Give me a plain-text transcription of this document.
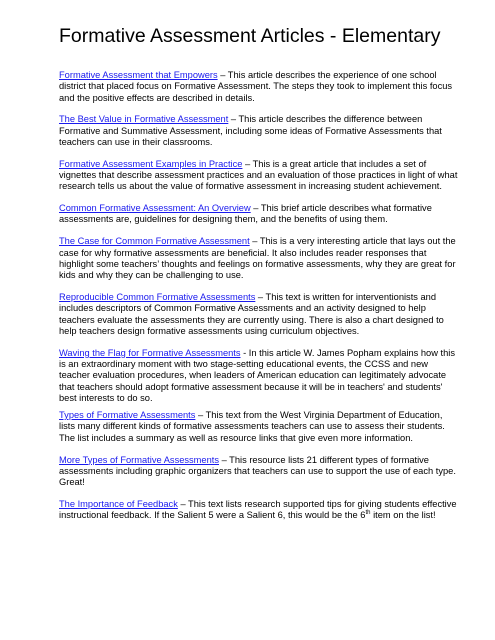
Formative Assessment Articles - Elementary

Formative Assessment that Empowers – This article describes the experience of one school district that placed focus on Formative Assessment. The steps they took to implement this focus and the positive effects are described in details.

The Best Value in Formative Assessment – This article describes the difference between Formative and Summative Assessment, including some ideas of Formative Assessments that teachers can use in their classrooms.

Formative Assessment Examples in Practice – This is a great article that includes a set of vignettes that describe assessment practices and an evaluation of those practices in light of what research tells us about the value of formative assessment in increasing student achievement.

Common Formative Assessment: An Overview – This brief article describes what formative assessments are, guidelines for designing them, and the benefits of using them.

The Case for Common Formative Assessment – This is a very interesting article that lays out the case for why formative assessments are beneficial. It also includes reader responses that highlight some teachers’ thoughts and feelings on formative assessments, why they are great for kids and why they can be challenging to use.

Reproducible Common Formative Assessments – This text is written for interventionists and includes descriptors of Common Formative Assessments and an activity designed to help teachers evaluate the assessments they are currently using. There is also a chart designed to help teachers design formative assessments using curriculum objectives.

Waving the Flag for Formative Assessments - In this article W. James Popham explains how this is an extraordinary moment with two stage-setting educational events, the CCSS and new teacher evaluation procedures, when leaders of American education can legitimately advocate that teachers should adopt formative assessment because it will be in teachers' and students' best interests to do so.

Types of Formative Assessments – This text from the West Virginia Department of Education, lists many different kinds of formative assessments teachers can use to assess their students. The list includes a summary as well as resource links that give even more information.

More Types of Formative Assessments – This resource lists 21 different types of formative assessments including graphic organizers that teachers can use to support the use of each type. Great!

The Importance of Feedback – This text lists research supported tips for giving students effective instructional feedback. If the Salient 5 were a Salient 6, this would be the 6th item on the list!
